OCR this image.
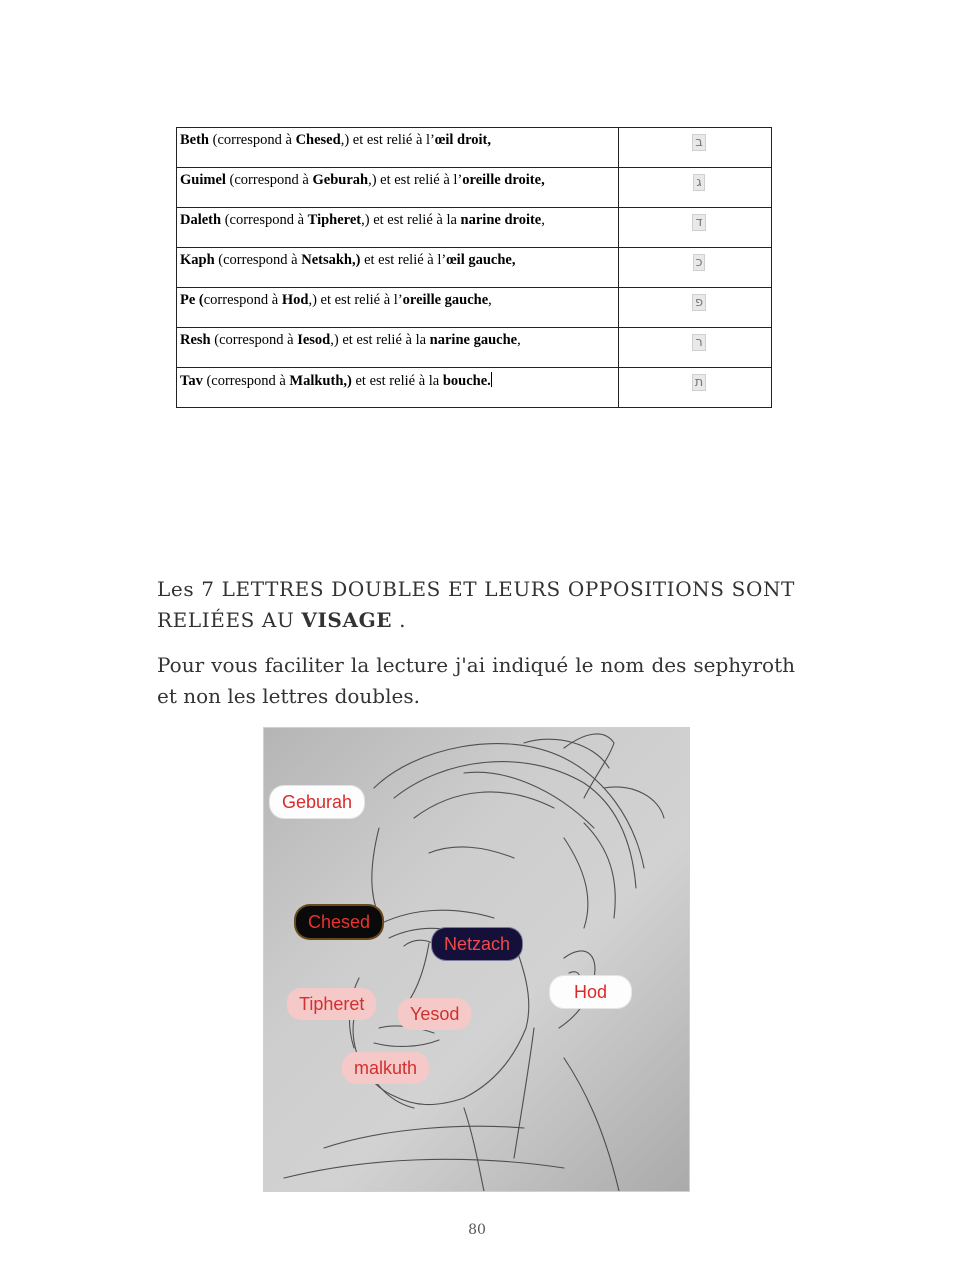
Beth (correspond à Chesed,) et est relié à l’œil droit,	ב
Guimel (correspond à Geburah,) et est relié à l’oreille droite,	ג
Daleth (correspond à Tipheret,) et est relié à la narine droite,	ד
Kaph (correspond à Netsakh,) et est relié à l’œil gauche,	כ
Pe (correspond à Hod,) et est relié à l’oreille gauche,	פ
Resh (correspond à Iesod,) et est relié à la narine gauche,	ר
Tav (correspond à Malkuth,) et est relié à la bouche.	ת

Les 7 LETTRES DOUBLES ET LEURS OPPOSITIONS SONT RELIÉES AU VISAGE .

Pour vous faciliter la lecture j'ai indiqué le nom des sephyroth et non les lettres doubles.

Geburah
Chesed
Netzach
Tipheret	Yesod
Hod
malkuth
80
